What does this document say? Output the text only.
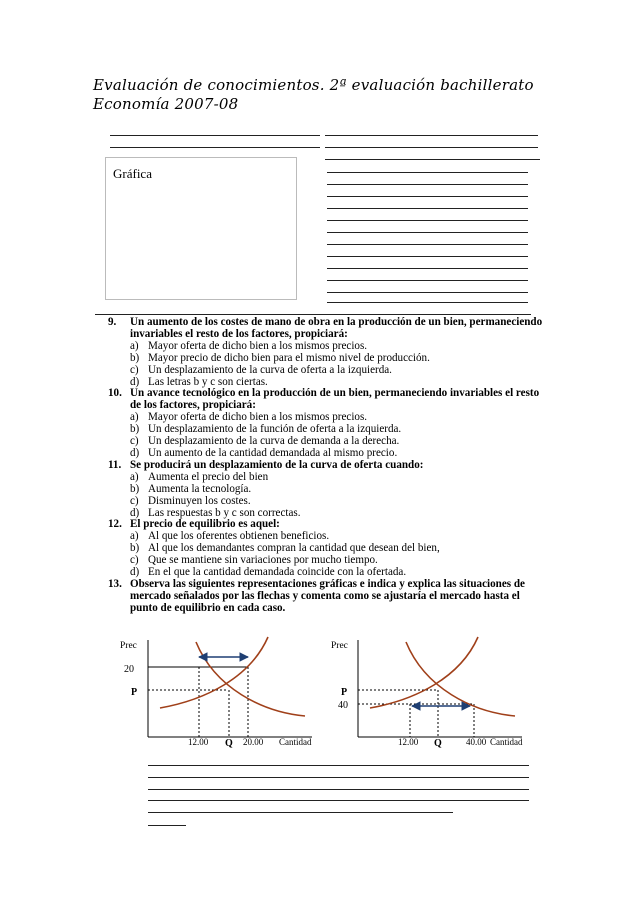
Evaluación de conocimientos. 2ª evaluación bachillerato
Economía 2007-08
Gráfica
9.	Un aumento de los costes de mano de obra en la producción de un bien, permaneciendo invariables el resto de los factores, propiciará:
a) Mayor oferta de dicho bien a los mismos precios.
b) Mayor precio de dicho bien para el mismo nivel de producción.
c) Un desplazamiento de la curva de oferta a la izquierda.
d) Las letras b y c son ciertas.
10. Un avance tecnológico en la producción de un bien, permaneciendo invariables el resto de los factores, propiciará:
a) Mayor oferta de dicho bien a los mismos precios.
b) Un desplazamiento de la función de oferta a la izquierda.
c) Un desplazamiento de la curva de demanda a la derecha.
d) Un aumento de la cantidad demandada al mismo precio.
11. Se producirá un desplazamiento de la curva de oferta cuando:
a) Aumenta el precio del bien
b) Aumenta la tecnología.
c) Disminuyen los costes.
d) Las respuestas b y c son correctas.
12. El precio de equilibrio es aquel:
a) Al que los oferentes obtienen beneficios.
b) Al que los demandantes compran la cantidad que desean del bien,
c) Que se mantiene sin variaciones por mucho tiempo.
d) En el que la cantidad demandada coincide con la ofertada.
13. Observa las siguientes representaciones gráficas e indica y explica las situaciones de mercado señalados por las flechas y comenta como se ajustaría el mercado hasta el punto de equilibrio en cada caso.
Prec
20
P
12.00 Q 20.00 Cantidad
Prec
P
40
12.00 Q	40.00 Cantidad
